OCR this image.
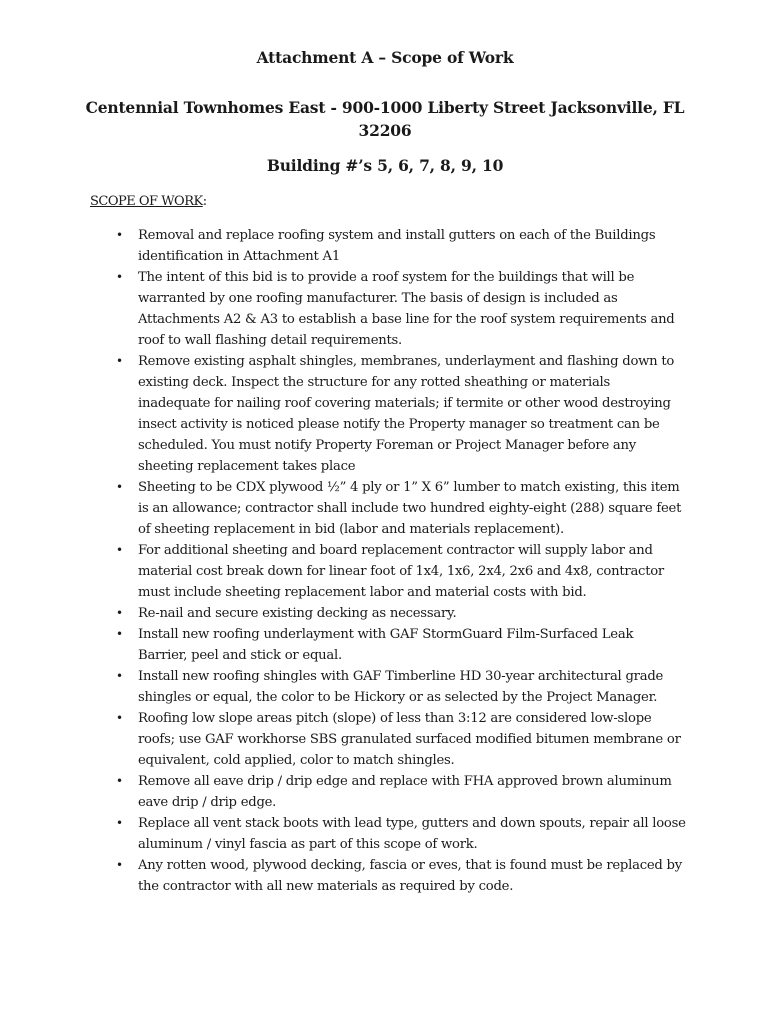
Attachment A – Scope of Work
Centennial Townhomes East - 900-1000 Liberty Street Jacksonville, FL 32206
Building #’s 5, 6, 7, 8, 9, 10
SCOPE OF WORK:
• Removal and replace roofing system and install gutters on each of the Buildings identification in Attachment A1
• The intent of this bid is to provide a roof system for the buildings that will be warranted by one roofing manufacturer. The basis of design is included as Attachments A2 & A3 to establish a base line for the roof system requirements and roof to wall flashing detail requirements.
• Remove existing asphalt shingles, membranes, underlayment and flashing down to existing deck. Inspect the structure for any rotted sheathing or materials inadequate for nailing roof covering materials; if termite or other wood destroying insect activity is noticed please notify the Property manager so treatment can be scheduled. You must notify Property Foreman or Project Manager before any sheeting replacement takes place
• Sheeting to be CDX plywood ½” 4 ply or 1” X 6” lumber to match existing, this item is an allowance; contractor shall include two hundred eighty-eight (288) square feet of sheeting replacement in bid (labor and materials replacement).
• For additional sheeting and board replacement contractor will supply labor and material cost break down for linear foot of 1x4, 1x6, 2x4, 2x6 and 4x8, contractor must include sheeting replacement labor and material costs with bid.
• Re-nail and secure existing decking as necessary.
• Install new roofing underlayment with GAF StormGuard Film-Surfaced Leak Barrier, peel and stick or equal.
• Install new roofing shingles with GAF Timberline HD 30-year architectural grade shingles or equal, the color to be Hickory or as selected by the Project Manager.
• Roofing low slope areas pitch (slope) of less than 3:12 are considered low-slope roofs; use GAF workhorse SBS granulated surfaced modified bitumen membrane or equivalent, cold applied, color to match shingles.
• Remove all eave drip / drip edge and replace with FHA approved brown aluminum eave drip / drip edge.
• Replace all vent stack boots with lead type, gutters and down spouts, repair all loose aluminum / vinyl fascia as part of this scope of work.
• Any rotten wood, plywood decking, fascia or eves, that is found must be replaced by the contractor with all new materials as required by code.
